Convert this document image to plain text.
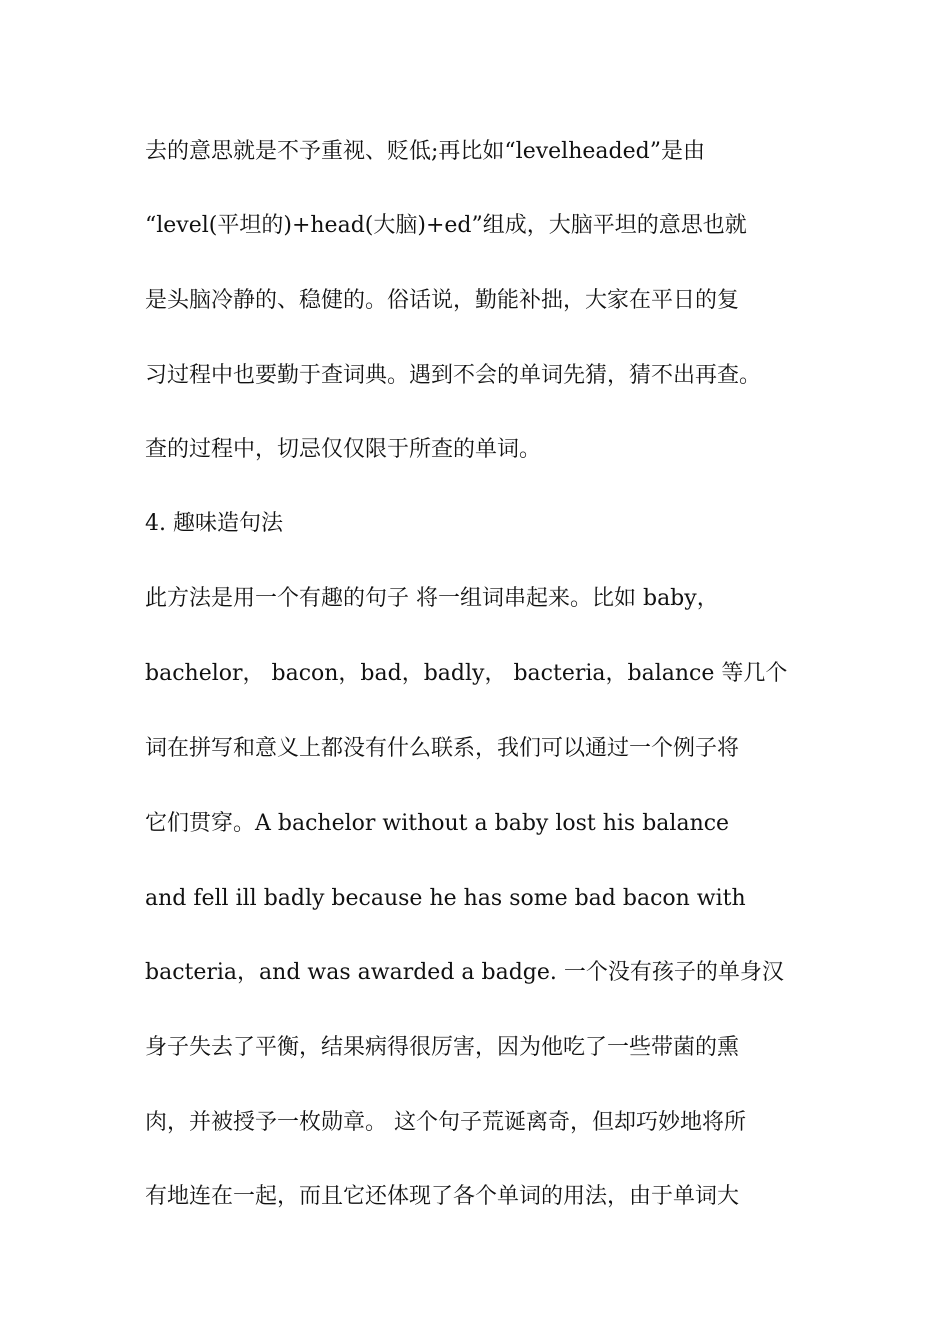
去的意思就是不予重视、贬低;再比如“levelheaded”是由
“level(平坦的)+head(大脑)+ed”组成，大脑平坦的意思也就
是头脑冷静的、稳健的。俗话说，勤能补拙，大家在平日的复
习过程中也要勤于查词典。遇到不会的单词先猜，猜不出再查。
查的过程中，切忌仅仅限于所查的单词。
4. 趣味造句法
此方法是用一个有趣的句子 将一组词串起来。比如 baby，
bachelor， bacon，bad，badly， bacteria，balance 等几个
词在拼写和意义上都没有什么联系，我们可以通过一个例子将
它们贯穿。A bachelor without a baby lost his balance
and fell ill badly because he has some bad bacon with
bacteria，and was awarded a badge. 一个没有孩子的单身汉
身子失去了平衡，结果病得很厉害，因为他吃了一些带菌的熏
肉，并被授予一枚勋章。 这个句子荒诞离奇，但却巧妙地将所
有地连在一起，而且它还体现了各个单词的用法，由于单词大
